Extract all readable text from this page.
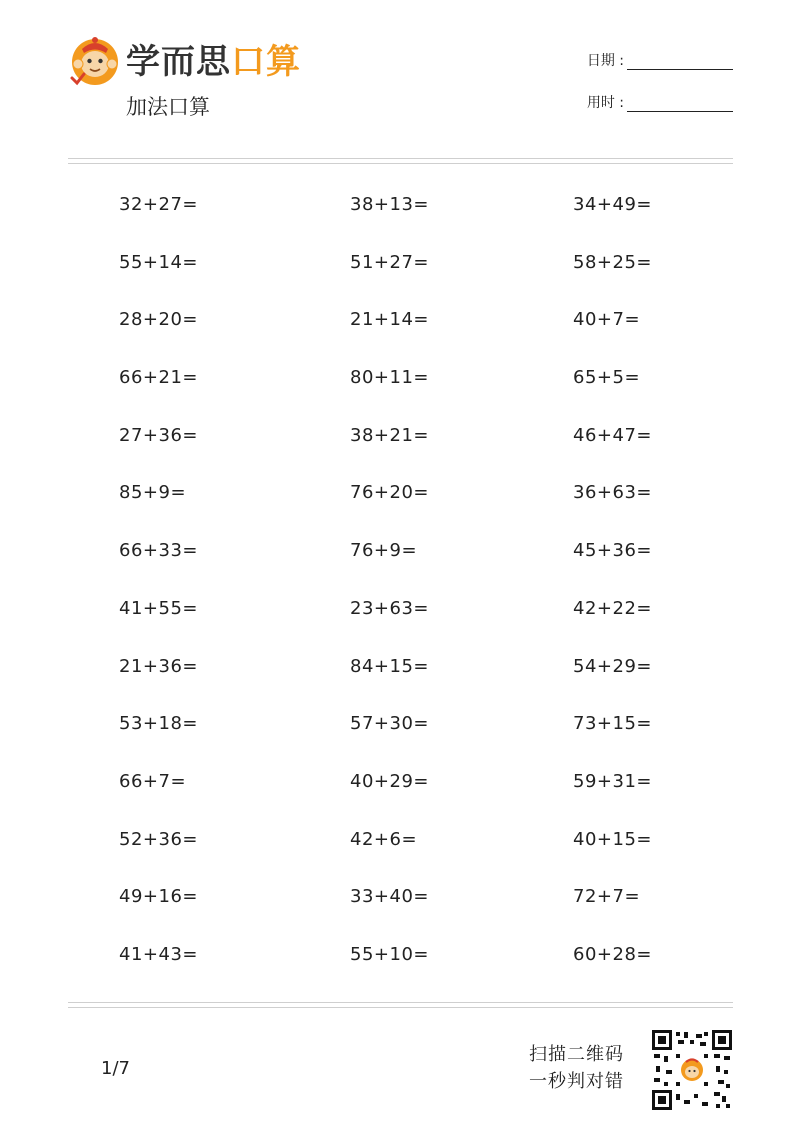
学而思口算
加法口算
日期 :
用时 :
32+27=	38+13=	34+49=
55+14=	51+27=	58+25=
28+20=	21+14=	40+7=
66+21=	80+11=	65+5=
27+36=	38+21=	46+47=
85+9=	76+20=	36+63=
66+33=	76+9=	45+36=
41+55=	23+63=	42+22=
21+36=	84+15=	54+29=
53+18=	57+30=	73+15=
66+7=	40+29=	59+31=
52+36=	42+6=	40+15=
49+16=	33+40=	72+7=
41+43=	55+10=	60+28=
1/7
扫描二维码
一秒判对错
